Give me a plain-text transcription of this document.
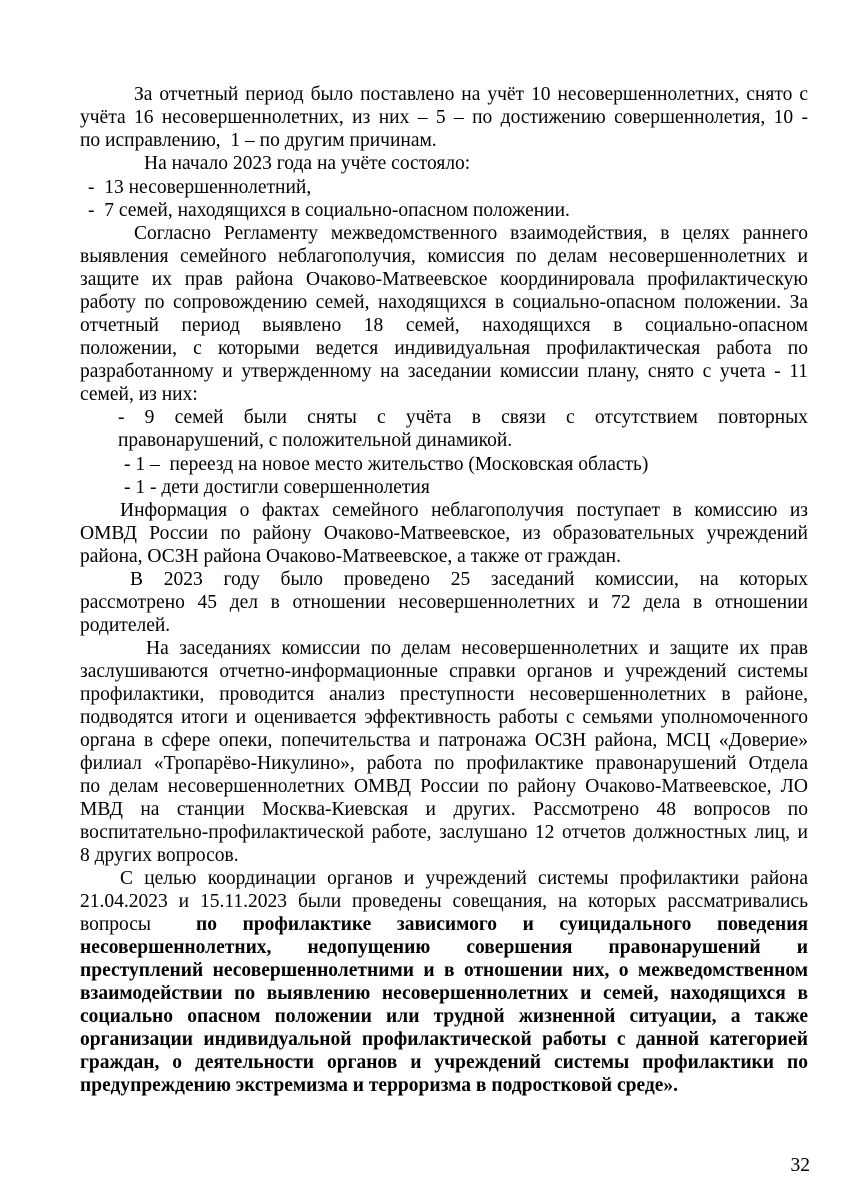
За отчетный период было поставлено на учёт 10 несовершеннолетних, снято с
учёта 16 несовершеннолетних, из них – 5 – по достижению совершеннолетия, 10 -
по исправлению,  1 – по другим причинам.
На начало 2023 года на учёте состояло:
-  13 несовершеннолетний,
-  7 семей, находящихся в социально-опасном положении.
Согласно Регламенту межведомственного взаимодействия, в целях раннего
выявления семейного неблагополучия, комиссия по делам несовершеннолетних и
защите их прав района Очаково-Матвеевское координировала профилактическую
работу по сопровождению семей, находящихся в социально-опасном положении. За
отчетный период выявлено 18 семей, находящихся в социально-опасном
положении, с которыми ведется индивидуальная профилактическая работа по
разработанному и утвержденному на заседании комиссии плану, снято с учета - 11
семей, из них:
- 9 семей были сняты с учёта в связи с отсутствием повторных
правонарушений, с положительной динамикой.
- 1 –  переезд на новое место жительство (Московская область)
- 1 - дети достигли совершеннолетия
Информация о фактах семейного неблагополучия поступает в комиссию из
ОМВД России по району Очаково-Матвеевское, из образовательных учреждений
района, ОСЗН района Очаково-Матвеевское, а также от граждан.
В 2023 году было проведено 25 заседаний комиссии, на которых
рассмотрено 45 дел в отношении несовершеннолетних и 72 дела в отношении
родителей.
На заседаниях комиссии по делам несовершеннолетних и защите их прав
заслушиваются отчетно-информационные справки органов и учреждений системы
профилактики, проводится анализ преступности несовершеннолетних в районе,
подводятся итоги и оценивается эффективность работы с семьями уполномоченного
органа в сфере опеки, попечительства и патронажа ОСЗН района, МСЦ «Доверие»
филиал «Тропарёво-Никулино», работа по профилактике правонарушений Отдела
по делам несовершеннолетних ОМВД России по району Очаково-Матвеевское, ЛО
МВД на станции Москва-Киевская и других. Рассмотрено 48 вопросов по
воспитательно-профилактической работе, заслушано 12 отчетов должностных лиц, и
8 других вопросов.
С целью координации органов и учреждений системы профилактики района
21.04.2023 и 15.11.2023 были проведены совещания, на которых рассматривались
вопросы по профилактике зависимого и суицидального поведения
несовершеннолетних, недопущению совершения правонарушений и
преступлений несовершеннолетними и в отношении них, о межведомственном
взаимодействии по выявлению несовершеннолетних и семей, находящихся в
социально опасном положении или трудной жизненной ситуации, а также
организации индивидуальной профилактической работы с данной категорией
граждан, о деятельности органов и учреждений системы профилактики по
предупреждению экстремизма и терроризма в подростковой среде».
32
